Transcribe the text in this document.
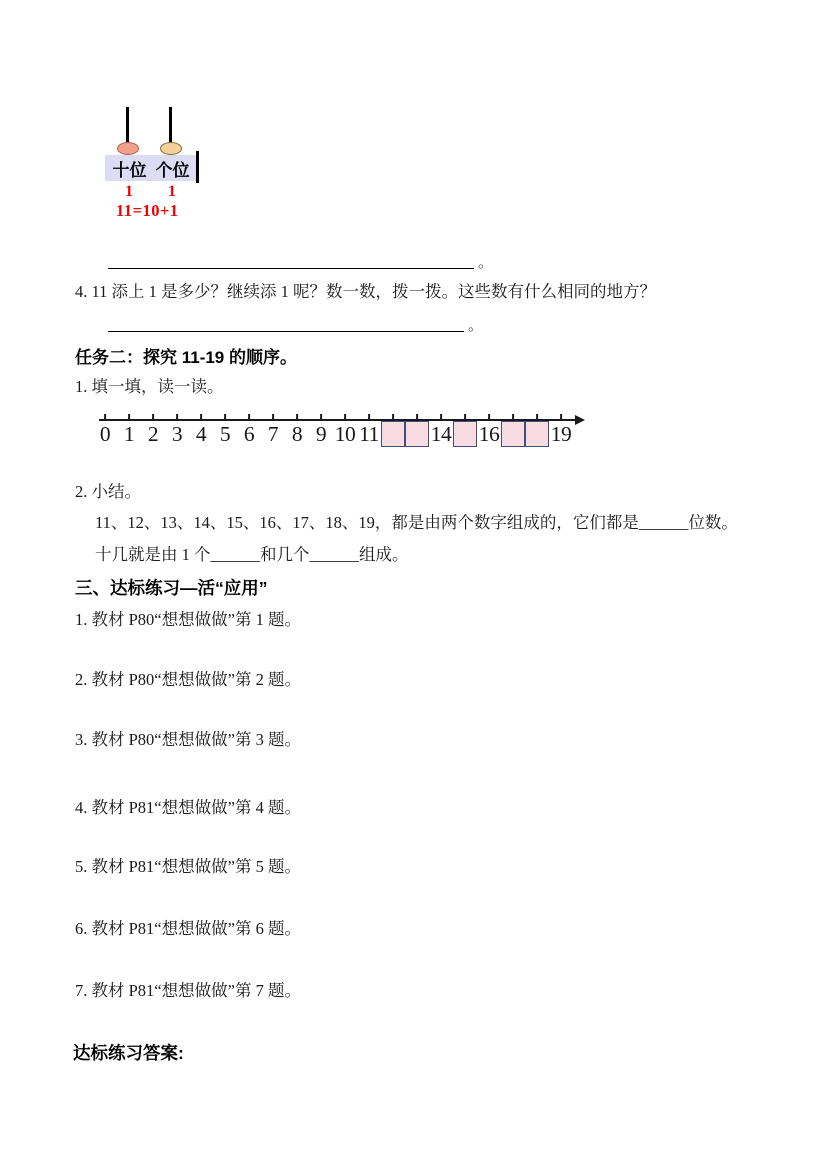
十位 个位
1	1
11=10+1
。
4. 11 添上 1 是多少？继续添 1 呢？数一数，拨一拨。这些数有什么相同的地方？
。
任务二：探究 11-19 的顺序。
1. 填一填，读一读。
0 1 2 3 4 5 6 7 8 9 10 11 14 16 19
2. 小结。
11、12、13、14、15、16、17、18、19，都是由两个数字组成的，它们都是______位数。
十几就是由 1 个______和几个______组成。
三、达标练习—活“应用”
1. 教材 P80“想想做做”第 1 题。
2. 教材 P80“想想做做”第 2 题。
3. 教材 P80“想想做做”第 3 题。
4. 教材 P81“想想做做”第 4 题。
5. 教材 P81“想想做做”第 5 题。
6. 教材 P81“想想做做”第 6 题。
7. 教材 P81“想想做做”第 7 题。
达标练习答案:
